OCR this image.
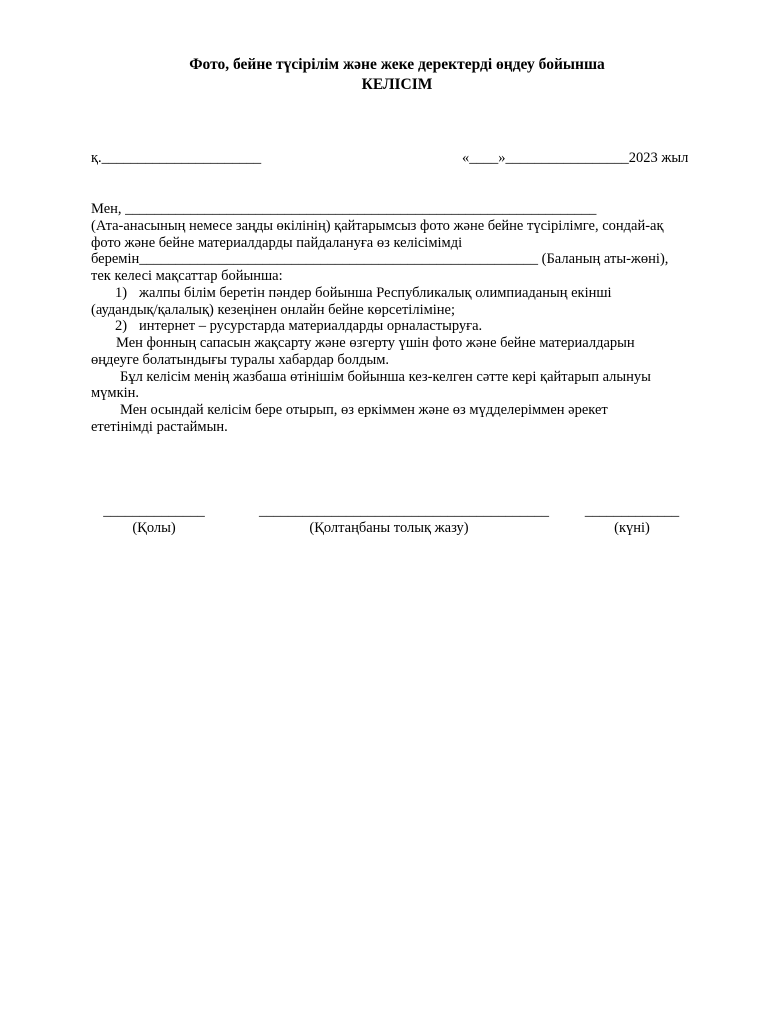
Фото, бейне түсірілім және жеке деректерді өңдеу бойынша
КЕЛІСІМ
қ.______________________	«____»_________________2023 жыл
Мен, _________________________________________________________________
(Ата-анасының немесе заңды өкілінің) қайтарымсыз фото және бейне түсірілімге, сондай-ақ
фото және бейне материалдарды пайдалануға өз келісімімді
беремін_______________________________________________________ (Баланың аты-жөні),
тек келесі мақсаттар бойынша:
1) жалпы білім беретін пәндер бойынша Республикалық олимпиаданың екінші
(аудандық/қалалық) кезеңінен онлайн бейне көрсетіліміне;
2) интернет – русурстарда материалдарды орналастыруға.
Мен фонның сапасын жақсарту және өзгерту үшін фото және бейне материалдарын
өңдеуге болатындығы туралы хабардар болдым.
Бұл келісім менің жазбаша өтінішім бойынша кез-келген сәтте кері қайтарып алынуы
мүмкін.
Мен осындай келісім бере отырып, өз еркіммен және өз мүдделеріммен әрекет
ететінімді растаймын.
______________
(Қолы)
________________________________________
(Қолтаңбаны толық жазу)
_____________
(күні)
